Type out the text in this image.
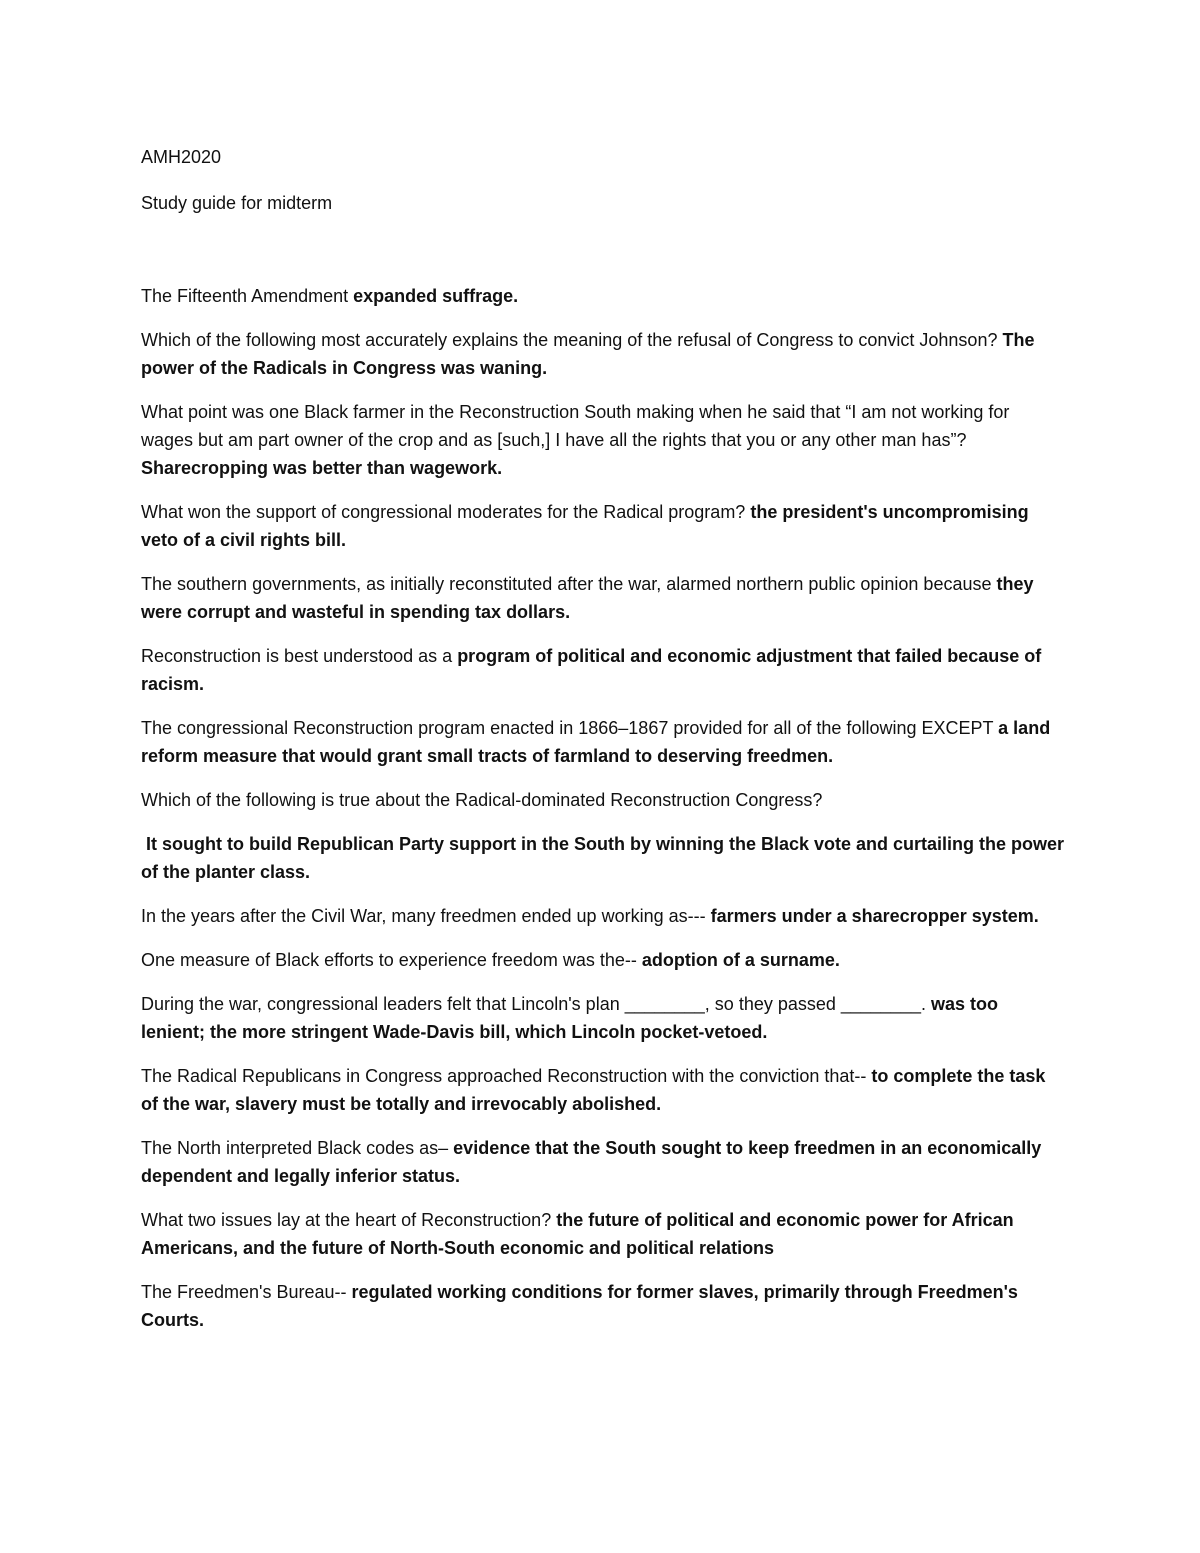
AMH2020

Study guide for midterm

The Fifteenth Amendment expanded suffrage.

Which of the following most accurately explains the meaning of the refusal of Congress to convict Johnson? The power of the Radicals in Congress was waning.

What point was one Black farmer in the Reconstruction South making when he said that “I am not working for wages but am part owner of the crop and as [such,] I have all the rights that you or any other man has”? Sharecropping was better than wagework.

What won the support of congressional moderates for the Radical program? the president's uncompromising veto of a civil rights bill.

The southern governments, as initially reconstituted after the war, alarmed northern public opinion because they were corrupt and wasteful in spending tax dollars.

Reconstruction is best understood as a program of political and economic adjustment that failed because of racism.

The congressional Reconstruction program enacted in 1866–1867 provided for all of the following EXCEPT a land reform measure that would grant small tracts of farmland to deserving freedmen.

Which of the following is true about the Radical-dominated Reconstruction Congress?

It sought to build Republican Party support in the South by winning the Black vote and curtailing the power of the planter class.

In the years after the Civil War, many freedmen ended up working as--- farmers under a sharecropper system.

One measure of Black efforts to experience freedom was the-- adoption of a surname.

During the war, congressional leaders felt that Lincoln's plan ________, so they passed ________. was too lenient; the more stringent Wade-Davis bill, which Lincoln pocket-vetoed.

The Radical Republicans in Congress approached Reconstruction with the conviction that-- to complete the task of the war, slavery must be totally and irrevocably abolished.

The North interpreted Black codes as– evidence that the South sought to keep freedmen in an economically dependent and legally inferior status.

What two issues lay at the heart of Reconstruction? the future of political and economic power for African Americans, and the future of North-South economic and political relations

The Freedmen's Bureau-- regulated working conditions for former slaves, primarily through Freedmen's Courts.
